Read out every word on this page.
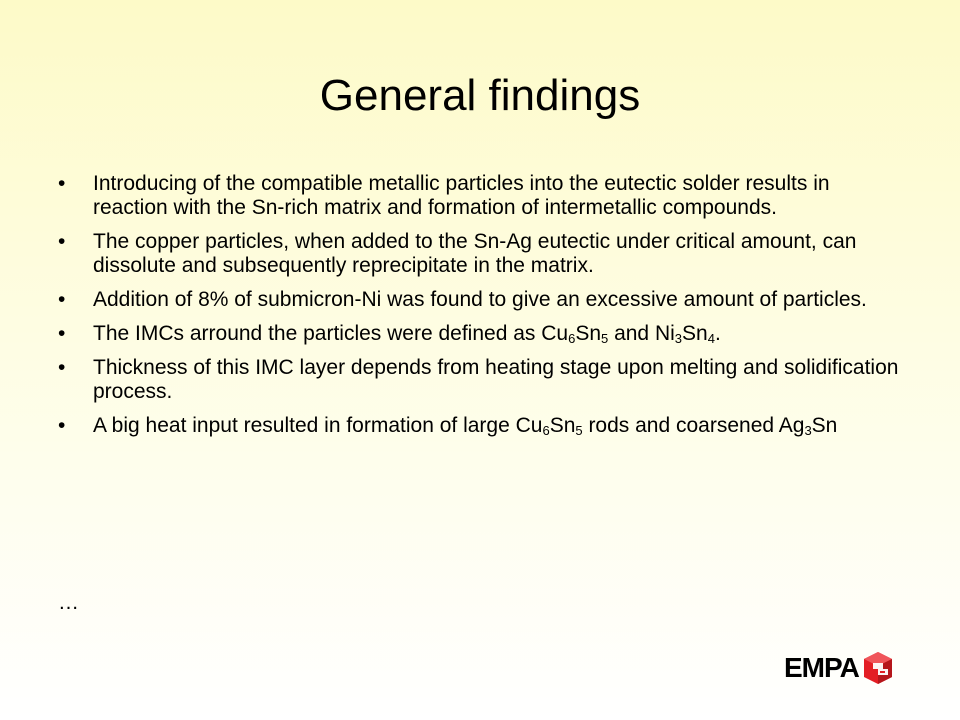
General findings
• Introducing of the compatible metallic particles into the eutectic solder results in reaction with the Sn-rich matrix and formation of intermetallic compounds.
• The copper particles, when added to the Sn-Ag eutectic under critical amount, can dissolute and subsequently reprecipitate in the matrix.
• Addition of 8% of submicron-Ni was found to give an excessive amount of particles.
• The IMCs arround the particles were defined as $Cu_6Sn_5$ and $Ni_3Sn_4$.
• Thickness of this IMC layer depends from heating stage upon melting and solidification process.
• A big heat input resulted in formation of large $Cu_6Sn_5$ rods and coarsened $Ag_3Sn$
…
EMPA
